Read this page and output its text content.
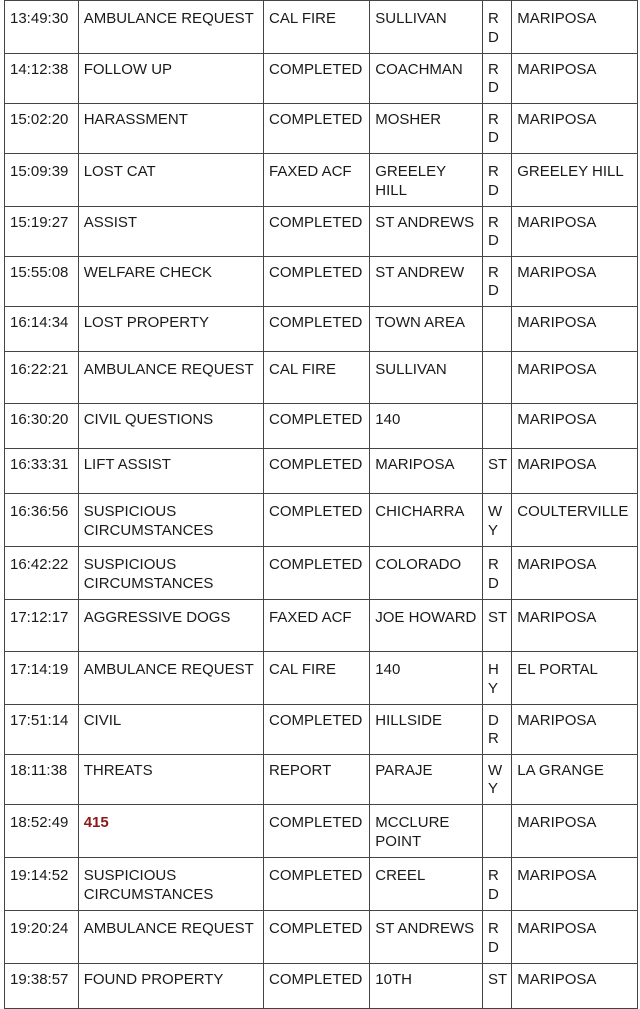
13:49:30	AMBULANCE REQUEST	CAL FIRE	SULLIVAN	RD	MARIPOSA
14:12:38	FOLLOW UP	COMPLETED	COACHMAN	RD	MARIPOSA
15:02:20	HARASSMENT	COMPLETED	MOSHER	RD	MARIPOSA
15:09:39	LOST CAT	FAXED ACF	GREELEY HILL	RD	GREELEY HILL
15:19:27	ASSIST	COMPLETED	ST ANDREWS	RD	MARIPOSA
15:55:08	WELFARE CHECK	COMPLETED	ST ANDREW	RD	MARIPOSA
16:14:34	LOST PROPERTY	COMPLETED	TOWN AREA		MARIPOSA
16:22:21	AMBULANCE REQUEST	CAL FIRE	SULLIVAN		MARIPOSA
16:30:20	CIVIL QUESTIONS	COMPLETED	140		MARIPOSA
16:33:31	LIFT ASSIST	COMPLETED	MARIPOSA	ST	MARIPOSA
16:36:56	SUSPICIOUS CIRCUMSTANCES	COMPLETED	CHICHARRA	WY	COULTERVILLE
16:42:22	SUSPICIOUS CIRCUMSTANCES	COMPLETED	COLORADO	RD	MARIPOSA
17:12:17	AGGRESSIVE DOGS	FAXED ACF	JOE HOWARD	ST	MARIPOSA
17:14:19	AMBULANCE REQUEST	CAL FIRE	140	HY	EL PORTAL
17:51:14	CIVIL	COMPLETED	HILLSIDE	DR	MARIPOSA
18:11:38	THREATS	REPORT	PARAJE	WY	LA GRANGE
18:52:49	415	COMPLETED	MCCLURE POINT		MARIPOSA
19:14:52	SUSPICIOUS CIRCUMSTANCES	COMPLETED	CREEL	RD	MARIPOSA
19:20:24	AMBULANCE REQUEST	COMPLETED	ST ANDREWS	RD	MARIPOSA
19:38:57	FOUND PROPERTY	COMPLETED	10TH	ST	MARIPOSA
